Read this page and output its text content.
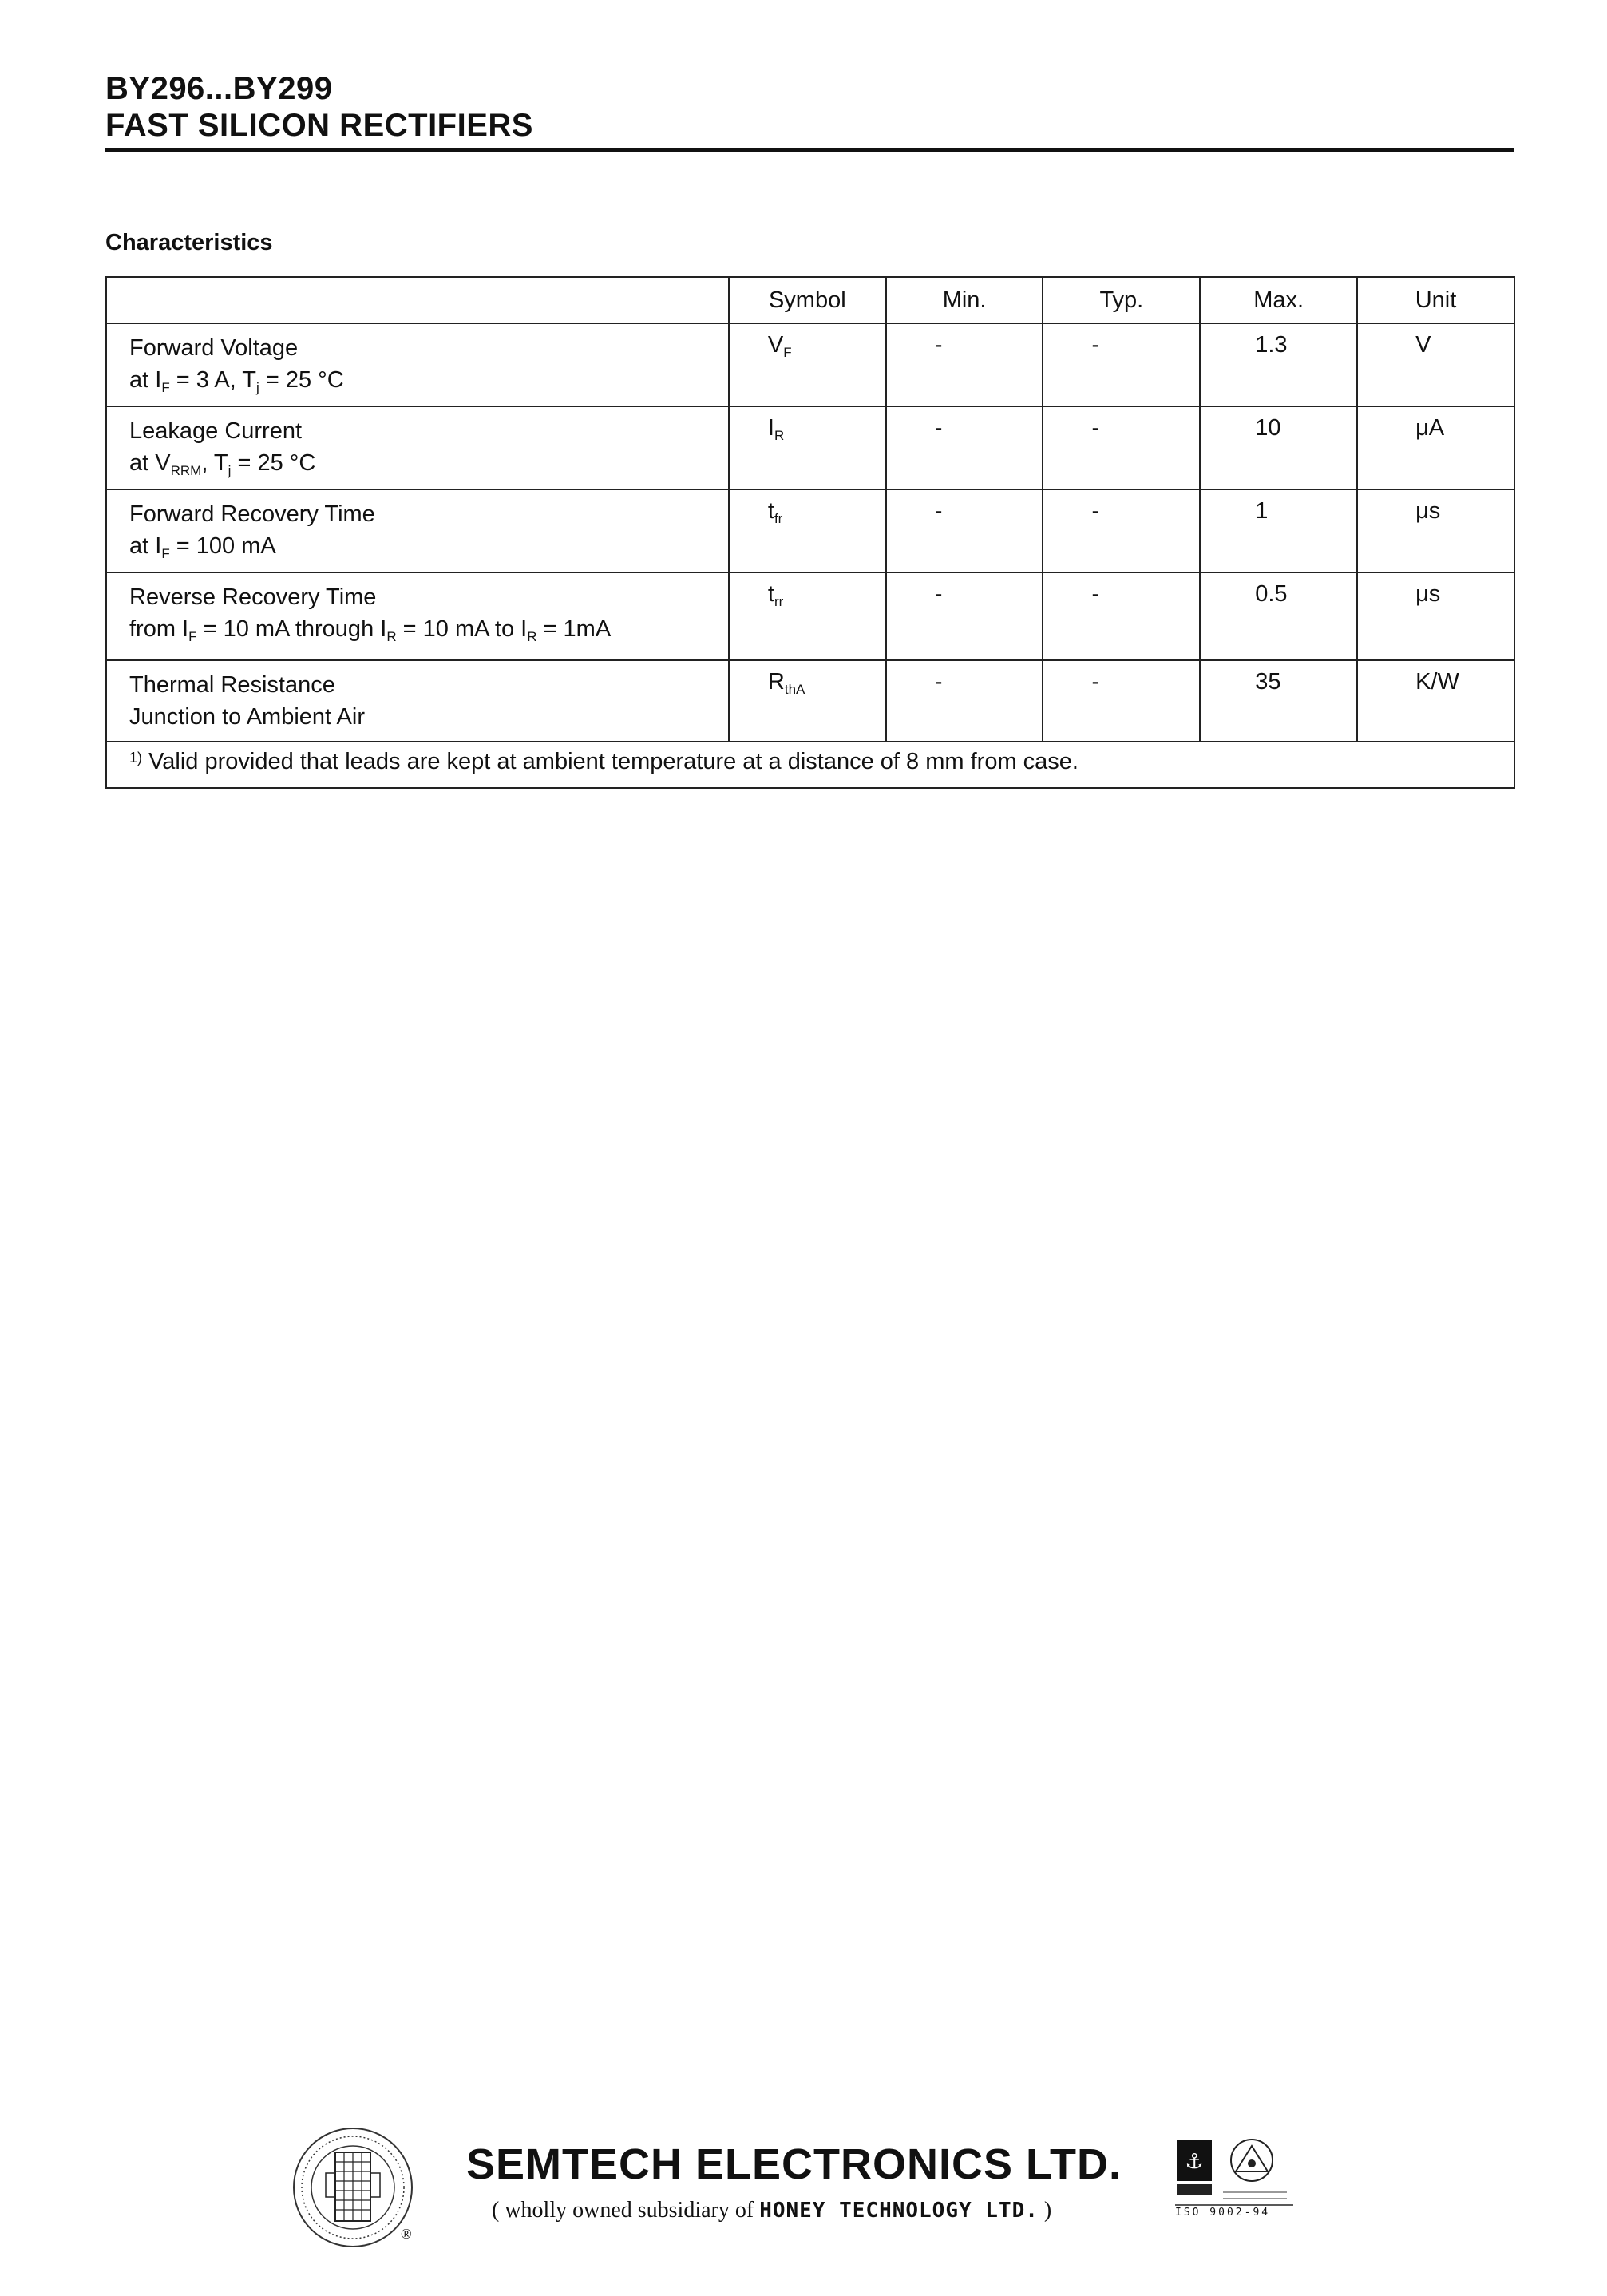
BY296...BY299
FAST SILICON RECTIFIERS
Characteristics
	Symbol	Min.	Typ.	Max.	Unit

Forward Voltage
at $I_F = 3$ A, $T_j = 25$ °C	$V_F$	-	-	1.3	V

Leakage Current
at $V_{RRM}$, $T_j = 25$ °C	$I_R$	-	-	10	μA

Forward Recovery Time
at $I_F = 100$ mA	$t_{fr}$	-	-	1	μs

Reverse Recovery Time
from $I_F = 10$ mA through $I_R = 10$ mA to $I_R = 1mA$	$t_{rr}$	-	-	0.5	μs

Thermal Resistance
Junction to Ambient Air	$R_{thA}$	-	-	35	K/W
$^{1)}$ Valid provided that leads are kept at ambient temperature at a distance of 8 mm from case.					
®
SEMTECH ELECTRONICS LTD.
( wholly owned subsidiary of HONEY TECHNOLOGY LTD. )
⚓
ISO 9002-94
